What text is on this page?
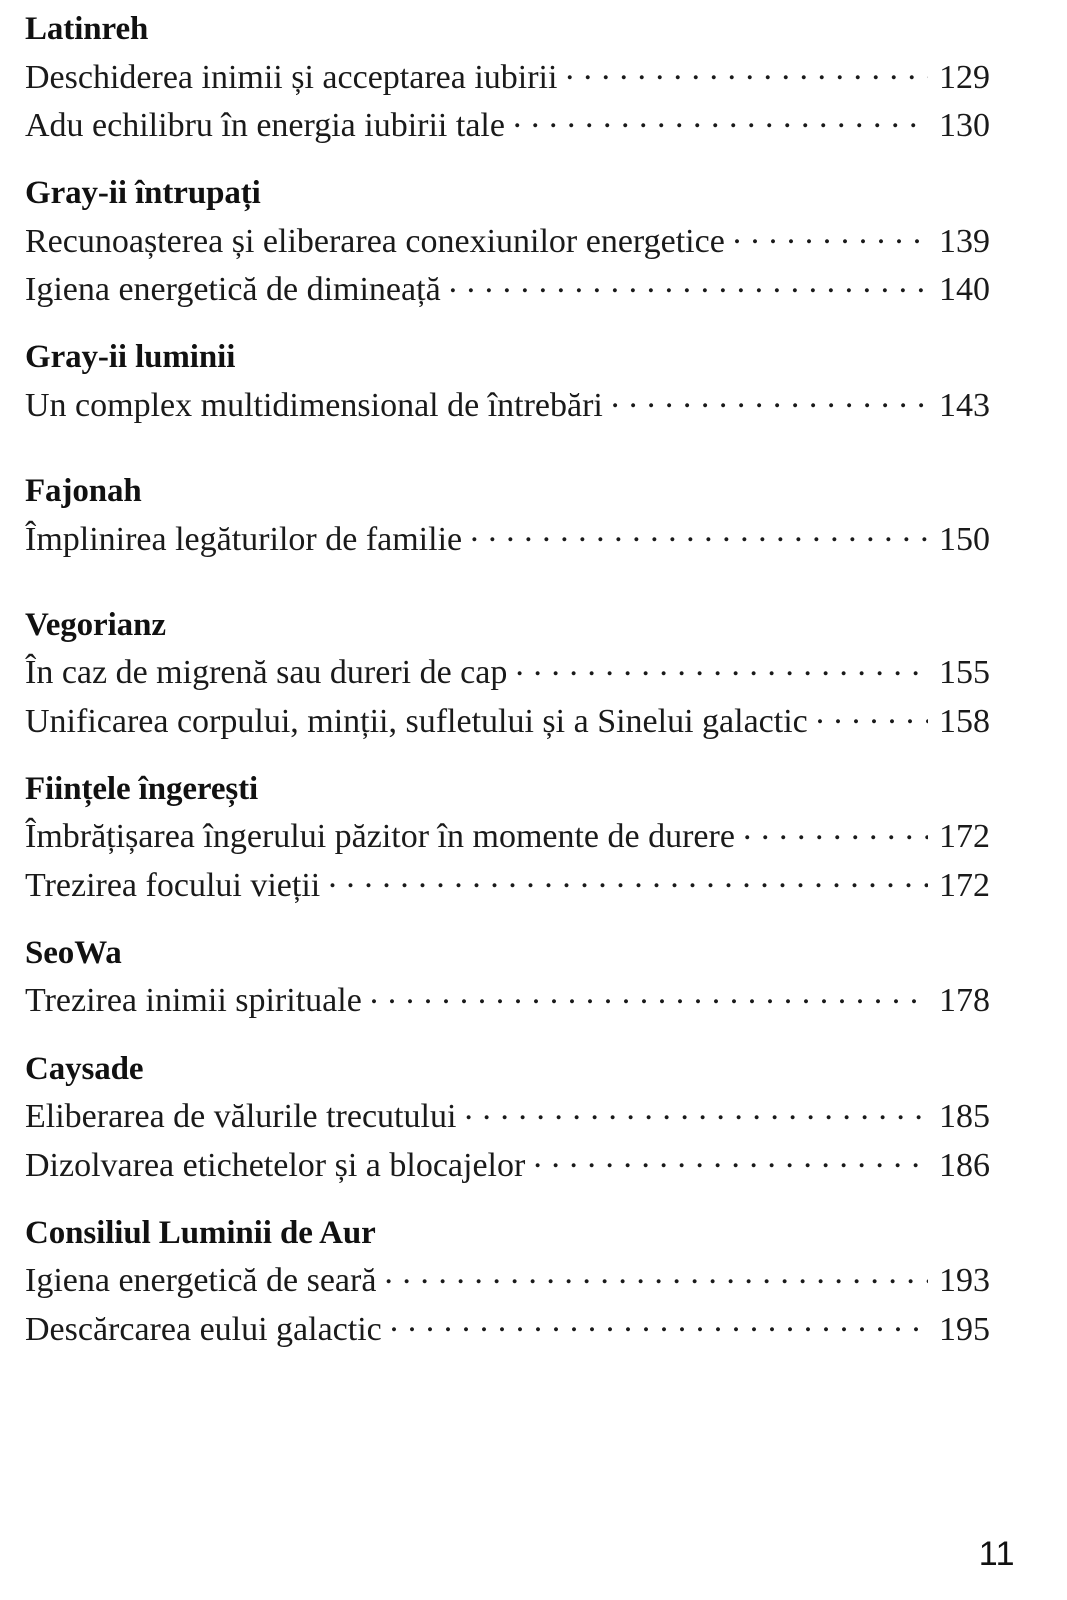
Latinreh
Deschiderea inimii și acceptarea iubirii . . .	129
Adu echilibru în energia iubirii tale . . .	130
Gray-ii întrupați
Recunoașterea și eliberarea conexiunilor energetice . . .	139
Igiena energetică de dimineață . . .	140
Gray-ii luminii
Un complex multidimensional de întrebări . . .	143
Fajonah
Împlinirea legăturilor de familie . . .	150
Vegorianz
În caz de migrenă sau dureri de cap . . .	155
Unificarea corpului, minții, sufletului și a Sinelui galactic . . .	158
Ființele îngerești
Îmbrățișarea îngerului păzitor în momente de durere . . .	172
Trezirea focului vieții . . .	172
SeoWa
Trezirea inimii spirituale . . .	178
Caysade
Eliberarea de vălurile trecutului . . .	185
Dizolvarea etichetelor și a blocajelor . . .	186
Consiliul Luminii de Aur
Igiena energetică de seară . . .	193
Descărcarea eului galactic . . .	195
11
